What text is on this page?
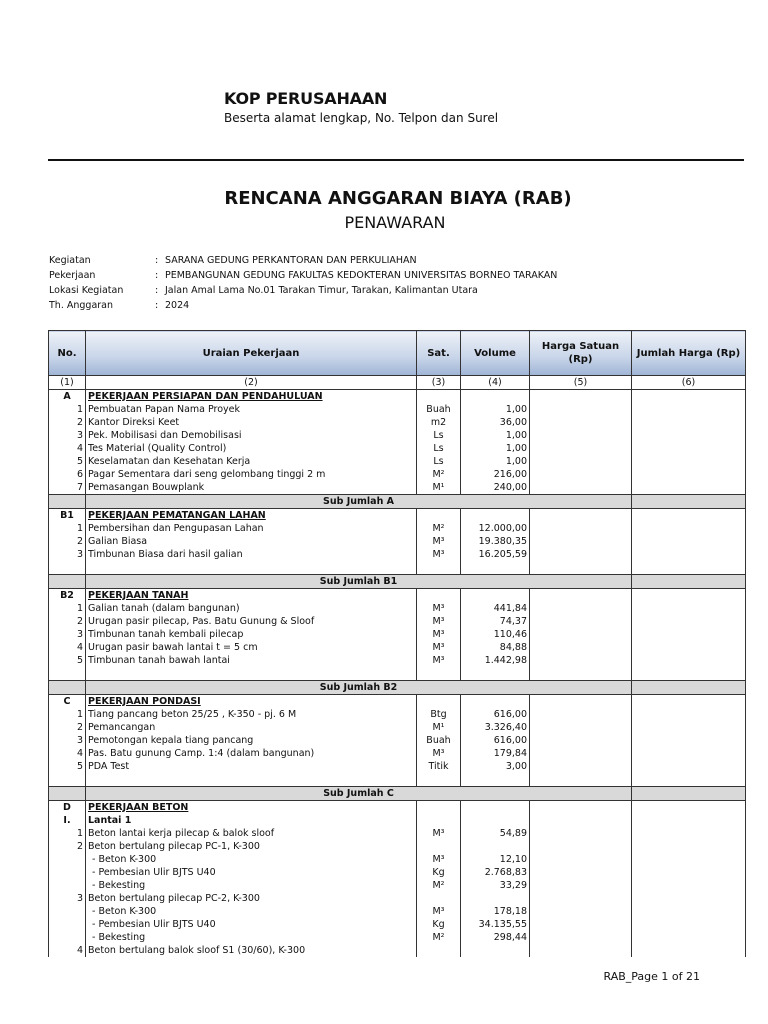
KOP PERUSAHAAN
Beserta alamat lengkap, No. Telpon dan Surel
RENCANA ANGGARAN BIAYA (RAB)
PENAWARAN
Kegiatan	: SARANA GEDUNG PERKANTORAN DAN PERKULIAHAN
Pekerjaan	: PEMBANGUNAN GEDUNG FAKULTAS KEDOKTERAN UNIVERSITAS BORNEO TARAKAN
Lokasi Kegiatan	: Jalan Amal Lama No.01 Tarakan Timur, Tarakan, Kalimantan Utara
Th. Anggaran	: 2024
No.	Uraian Pekerjaan	Sat.	Volume	Harga Satuan (Rp)	Jumlah Harga (Rp)
(1)	(2)	(3)	(4)	(5)	(6)
A	PEKERJAAN PERSIAPAN DAN PENDAHULUAN				
1	Pembuatan Papan Nama Proyek	Buah	1,00		
2	Kantor Direksi Keet	m2	36,00		
3	Pek. Mobilisasi dan Demobilisasi	Ls	1,00		
4	Tes Material (Quality Control)	Ls	1,00		
5	Keselamatan dan Kesehatan Kerja	Ls	1,00		
6	Pagar Sementara dari seng gelombang tinggi 2 m	M²	216,00		
7	Pemasangan Bouwplank	M¹	240,00		
	Sub Jumlah A				
B1	PEKERJAAN PEMATANGAN LAHAN				
1	Pembersihan dan Pengupasan Lahan	M²	12.000,00		
2	Galian Biasa	M³	19.380,35		
3	Timbunan Biasa dari hasil galian	M³	16.205,59		

	Sub Jumlah B1				
B2	PEKERJAAN TANAH				
1	Galian tanah (dalam bangunan)	M³	441,84		
2	Urugan pasir pilecap, Pas. Batu Gunung & Sloof	M³	74,37		
3	Timbunan tanah kembali pilecap	M³	110,46		
4	Urugan pasir bawah lantai t = 5 cm	M³	84,88		
5	Timbunan tanah bawah lantai	M³	1.442,98		

	Sub Jumlah B2				
C	PEKERJAAN PONDASI				
1	Tiang pancang beton 25/25 , K-350 - pj. 6 M	Btg	616,00		
2	Pemancangan	M¹	3.326,40		
3	Pemotongan kepala tiang pancang	Buah	616,00		
4	Pas. Batu gunung Camp. 1:4 (dalam bangunan)	M³	179,84		
5	PDA Test	Titik	3,00		

	Sub Jumlah C				
D	PEKERJAAN BETON				
I.	Lantai 1				
1	Beton lantai kerja pilecap & balok sloof	M³	54,89		
2	Beton bertulang pilecap PC-1, K-300				
	- Beton K-300	M³	12,10		
	- Pembesian Ulir BJTS U40	Kg	2.768,83		
	- Bekesting	M²	33,29		
3	Beton bertulang pilecap PC-2, K-300				
	- Beton K-300	M³	178,18		
	- Pembesian Ulir BJTS U40	Kg	34.135,55		
	- Bekesting	M²	298,44		
4	Beton bertulang balok sloof S1 (30/60), K-300				
RAB_Page 1 of 21
